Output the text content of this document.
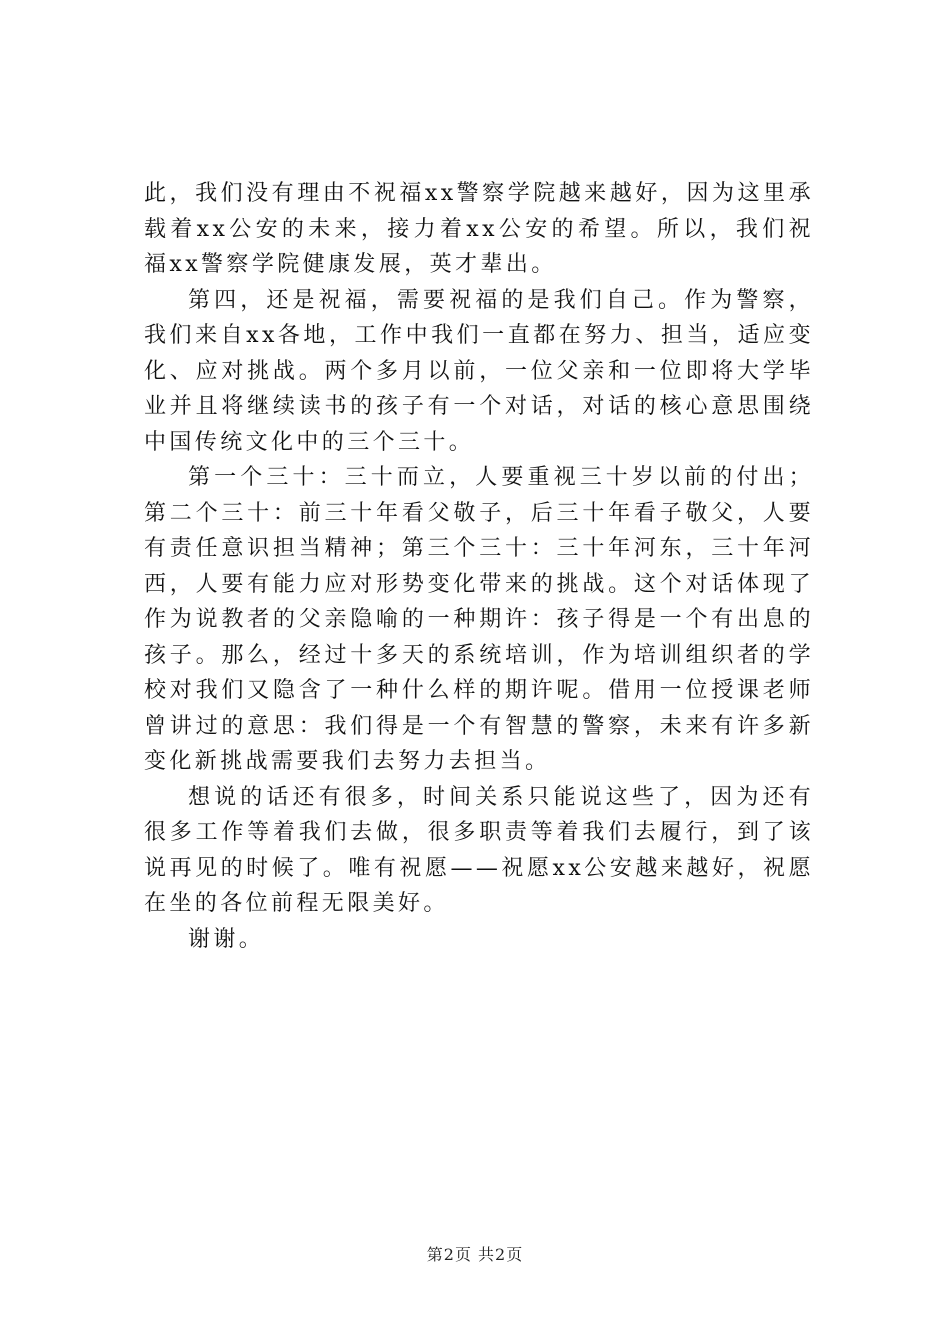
此，我们没有理由不祝福xx警察学院越来越好，因为这里承载着xx公安的未来，接力着xx公安的希望。所以，我们祝福xx警察学院健康发展，英才辈出。

第四，还是祝福，需要祝福的是我们自己。作为警察，我们来自xx各地，工作中我们一直都在努力、担当，适应变化、应对挑战。两个多月以前，一位父亲和一位即将大学毕业并且将继续读书的孩子有一个对话，对话的核心意思围绕中国传统文化中的三个三十。

第一个三十：三十而立，人要重视三十岁以前的付出；第二个三十：前三十年看父敬子，后三十年看子敬父，人要有责任意识担当精神；第三个三十：三十年河东，三十年河西，人要有能力应对形势变化带来的挑战。这个对话体现了作为说教者的父亲隐喻的一种期许：孩子得是一个有出息的孩子。那么，经过十多天的系统培训，作为培训组织者的学校对我们又隐含了一种什么样的期许呢。借用一位授课老师曾讲过的意思：我们得是一个有智慧的警察，未来有许多新变化新挑战需要我们去努力去担当。

想说的话还有很多，时间关系只能说这些了，因为还有很多工作等着我们去做，很多职责等着我们去履行，到了该说再见的时候了。唯有祝愿——祝愿xx公安越来越好，祝愿在坐的各位前程无限美好。

谢谢。

第2页 共2页
